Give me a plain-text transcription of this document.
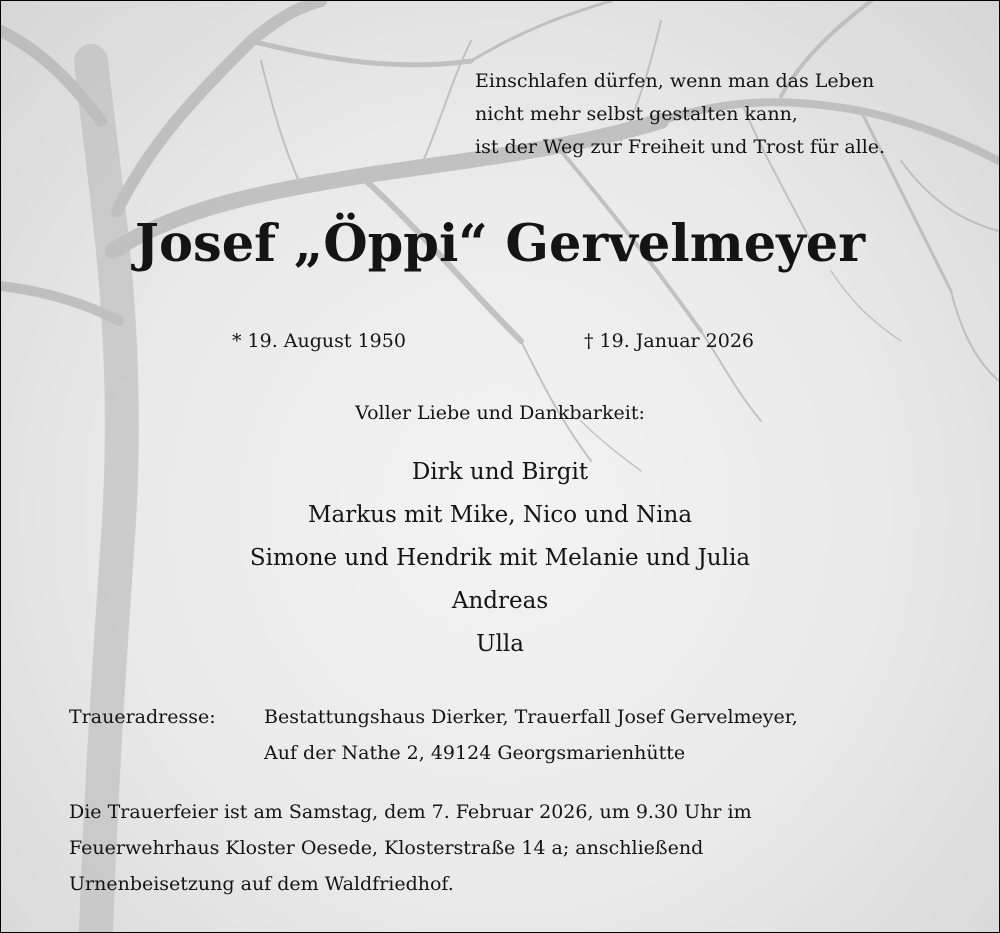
Einschlafen dürfen, wenn man das Leben
nicht mehr selbst gestalten kann,
ist der Weg zur Freiheit und Trost für alle.
Josef „Öppi“ Gervelmeyer
* 19. August 1950	† 19. Januar 2026
Voller Liebe und Dankbarkeit:
Dirk und Birgit
Markus mit Mike, Nico und Nina
Simone und Hendrik mit Melanie und Julia
Andreas
Ulla
Traueradresse:	Bestattungshaus Dierker, Trauerfall Josef Gervelmeyer,
Auf der Nathe 2, 49124 Georgsmarienhütte
Die Trauerfeier ist am Samstag, dem 7. Februar 2026, um 9.30 Uhr im
Feuerwehrhaus Kloster Oesede, Klosterstraße 14 a; anschließend
Urnenbeisetzung auf dem Waldfriedhof.
